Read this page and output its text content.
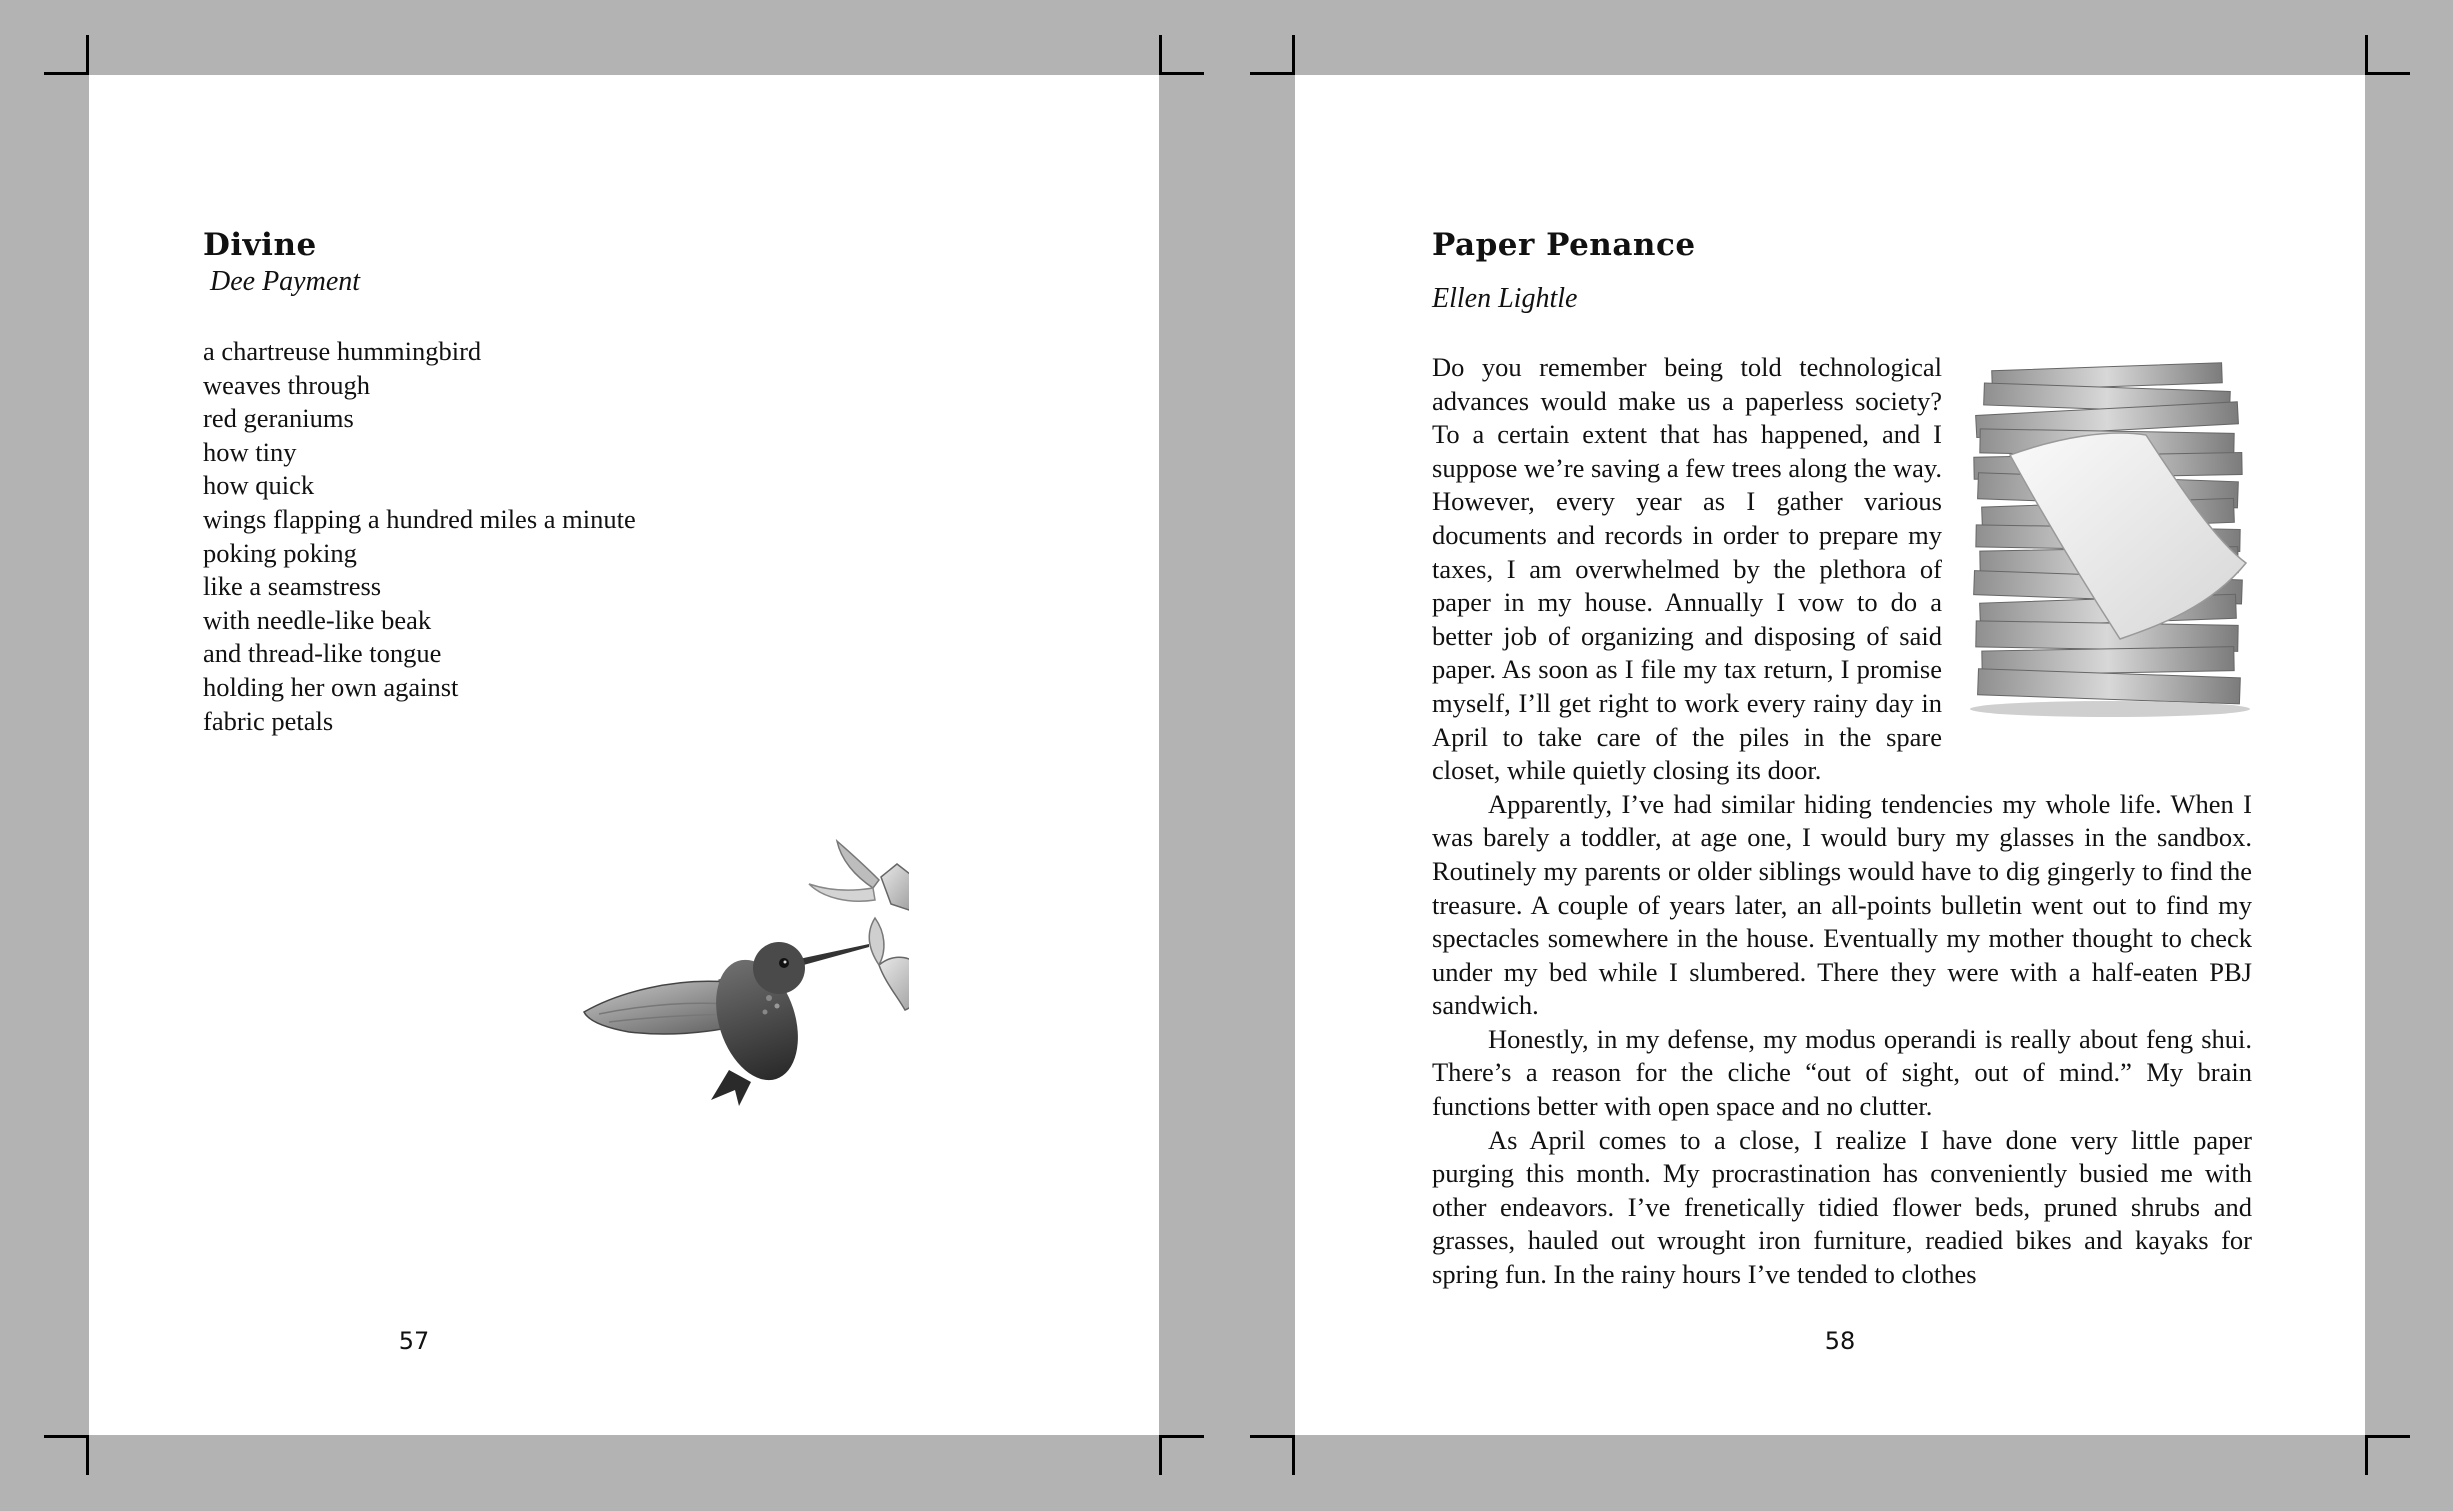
Divine
Dee Payment
a chartreuse hummingbird
weaves through
red geraniums
how tiny
how quick
wings flapping a hundred miles a minute
poking poking
like a seamstress
with needle-like beak
and thread-like tongue
holding her own against
fabric petals
57
Paper Penance
Ellen Lightle

Do you remember being told technological advances would make us a paperless society? To a certain extent that has happened, and I suppose we’re saving a few trees along the way. However, every year as I gather various documents and records in order to prepare my taxes, I am overwhelmed by the plethora of paper in my house. Annually I vow to do a better job of organizing and disposing of said paper. As soon as I file my tax return, I promise myself, I’ll get right to work every rainy day in April to take care of the piles in the spare closet, while quietly closing its door.

Apparently, I’ve had similar hiding tendencies my whole life. When I was barely a toddler, at age one, I would bury my glasses in the sandbox. Routinely my parents or older siblings would have to dig gingerly to find the treasure. A couple of years later, an all-points bulletin went out to find my spectacles somewhere in the house. Eventually my mother thought to check under my bed while I slumbered. There they were with a half-eaten PBJ sandwich.

Honestly, in my defense, my modus operandi is really about feng shui. There’s a reason for the cliche “out of sight, out of mind.” My brain functions better with open space and no clutter.

As April comes to a close, I realize I have done very little paper purging this month. My procrastination has conveniently busied me with other endeavors. I’ve frenetically tidied flower beds, pruned shrubs and grasses, hauled out wrought iron furniture, readied bikes and kayaks for spring fun. In the rainy hours I’ve tended to clothes

58
